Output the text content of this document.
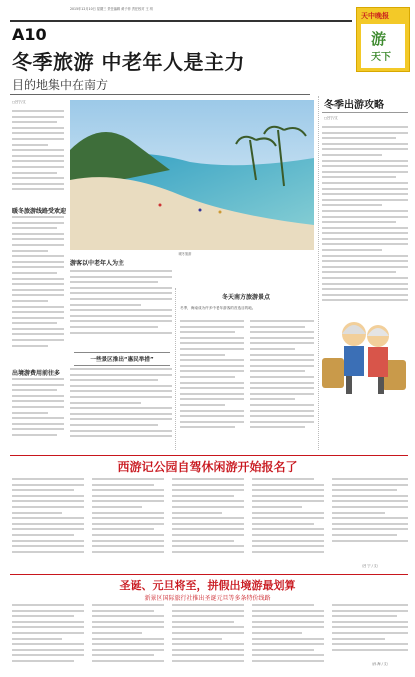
2015年12月10日 星期三 责任编辑 黄子菲 责任校对 王 玥
A10
天中晚报
游
天下
冬季旅游 中老年人是主力
目的地集中在南方
冬季出游攻略
□吕宁/文
暖冬旅游
□吕宁/文
暖冬旅游线路受欢迎
出境游费用前往多
游客以中老年人为主
一些景区推出“惠民举措”
冬天南方旅游景点
冬季，海南成为许多中老年游客的首选目的地。
西游记公园自驾休闲游开始报名了
（吕 宁 / 文）
圣诞、元旦将至，拼假出境游最划算
新景区国际旅行社推出圣诞元旦等多条特价线路
（孙 海 / 文）
